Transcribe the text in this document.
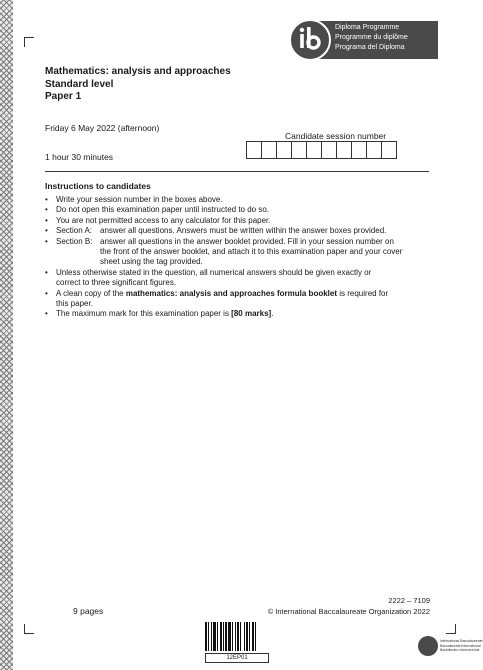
Diploma Programme
Programme du diplôme
Programa del Diploma
Mathematics: analysis and approaches
Standard level
Paper 1
Friday 6 May 2022 (afternoon)
1 hour 30 minutes
Candidate session number
Instructions to candidates
• Write your session number in the boxes above.
• Do not open this examination paper until instructed to do so.
• You are not permitted access to any calculator for this paper.
• Section A: answer all questions. Answers must be written within the answer boxes provided.
• Section B: answer all questions in the answer booklet provided. Fill in your session number on
the front of the answer booklet, and attach it to this examination paper and your cover
sheet using the tag provided.
• Unless otherwise stated in the question, all numerical answers should be given exactly or
correct to three significant figures.
• A clean copy of the mathematics: analysis and approaches formula booklet is required for
this paper.
• The maximum mark for this examination paper is [80 marks].
2222 – 7109
© International Baccalaureate Organization 2022
9 pages
12EP01
International Baccalaureate
Baccalauréat International
Bachillerato Internacional
